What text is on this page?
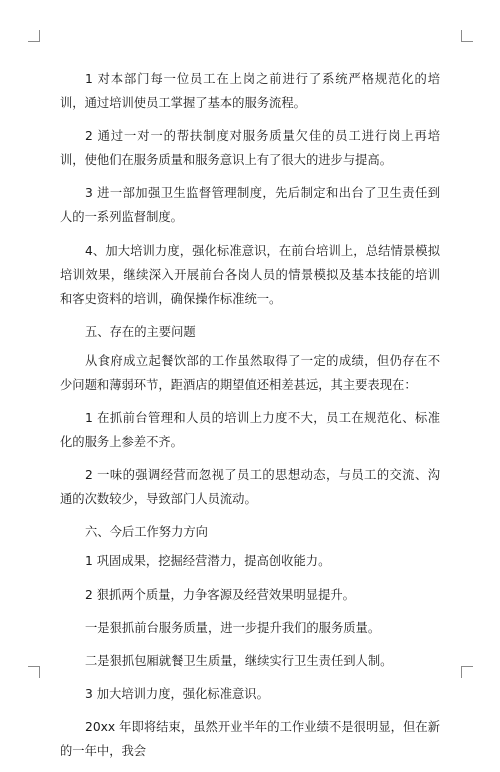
1 对本部门每一位员工在上岗之前进行了系统严格规范化的培训，通过培训使员工掌握了基本的服务流程。

2 通过一对一的帮扶制度对服务质量欠佳的员工进行岗上再培训，使他们在服务质量和服务意识上有了很大的进步与提高。

3 进一部加强卫生监督管理制度，先后制定和出台了卫生责任到人的一系列监督制度。

4、加大培训力度，强化标准意识，在前台培训上，总结情景模拟培训效果，继续深入开展前台各岗人员的情景模拟及基本技能的培训和客史资料的培训，确保操作标准统一。

五、存在的主要问题

从食府成立起餐饮部的工作虽然取得了一定的成绩，但仍存在不少问题和薄弱环节，距酒店的期望值还相差甚远，其主要表现在：

1 在抓前台管理和人员的培训上力度不大，员工在规范化、标准化的服务上参差不齐。

2 一味的强调经营而忽视了员工的思想动态，与员工的交流、沟通的次数较少，导致部门人员流动。

六、今后工作努力方向

1 巩固成果，挖掘经营潜力，提高创收能力。

2 狠抓两个质量，力争客源及经营效果明显提升。

一是狠抓前台服务质量，进一步提升我们的服务质量。

二是狠抓包厢就餐卫生质量，继续实行卫生责任到人制。

3 加大培训力度，强化标准意识。

20xx 年即将结束，虽然开业半年的工作业绩不是很明显，但在新的一年中，我会
